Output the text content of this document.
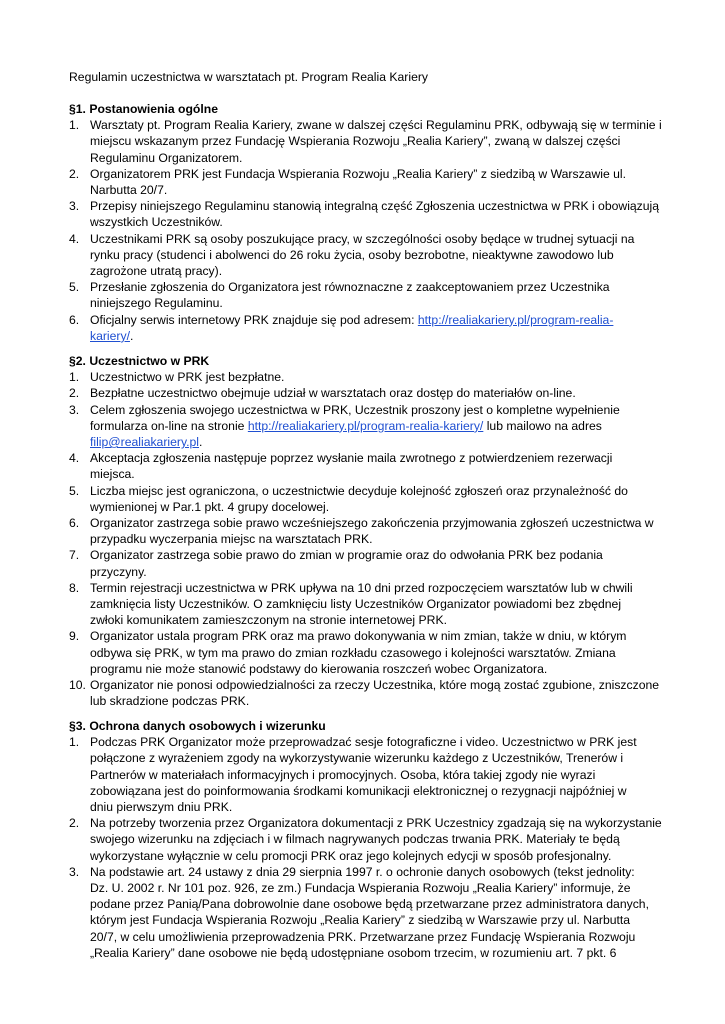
Regulamin uczestnictwa w warsztatach pt. Program Realia Kariery
§1. Postanowienia ogólne
1. Warsztaty pt. Program Realia Kariery, zwane w dalszej części Regulaminu PRK, odbywają się w terminie i
miejscu wskazanym przez Fundację Wspierania Rozwoju „Realia Kariery”, zwaną w dalszej części
Regulaminu Organizatorem.
2. Organizatorem PRK jest Fundacja Wspierania Rozwoju „Realia Kariery” z siedzibą w Warszawie ul.
Narbutta 20/7.
3. Przepisy niniejszego Regulaminu stanowią integralną część Zgłoszenia uczestnictwa w PRK i obowiązują
wszystkich Uczestników.
4. Uczestnikami PRK są osoby poszukujące pracy, w szczególności osoby będące w trudnej sytuacji na
rynku pracy (studenci i abolwenci do 26 roku życia, osoby bezrobotne, nieaktywne zawodowo lub
zagrożone utratą pracy).
5. Przesłanie zgłoszenia do Organizatora jest równoznaczne z zaakceptowaniem przez Uczestnika
niniejszego Regulaminu.
6. Oficjalny serwis internetowy PRK znajduje się pod adresem: http://realiakariery.pl/program-realia-
kariery/.
§2. Uczestnictwo w PRK
1. Uczestnictwo w PRK jest bezpłatne.
2. Bezpłatne uczestnictwo obejmuje udział w warsztatach oraz dostęp do materiałów on-line.
3. Celem zgłoszenia swojego uczestnictwa w PRK, Uczestnik proszony jest o kompletne wypełnienie
formularza on-line na stronie http://realiakariery.pl/program-realia-kariery/ lub mailowo na adres
filip@realiakariery.pl.
4. Akceptacja zgłoszenia następuje poprzez wysłanie maila zwrotnego z potwierdzeniem rezerwacji
miejsca.
5. Liczba miejsc jest ograniczona, o uczestnictwie decyduje kolejność zgłoszeń oraz przynależność do
wymienionej w Par.1 pkt. 4 grupy docelowej.
6. Organizator zastrzega sobie prawo wcześniejszego zakończenia przyjmowania zgłoszeń uczestnictwa w
przypadku wyczerpania miejsc na warsztatach PRK.
7. Organizator zastrzega sobie prawo do zmian w programie oraz do odwołania PRK bez podania
przyczyny.
8. Termin rejestracji uczestnictwa w PRK upływa na 10 dni przed rozpoczęciem warsztatów lub w chwili
zamknięcia listy Uczestników. O zamknięciu listy Uczestników Organizator powiadomi bez zbędnej
zwłoki komunikatem zamieszczonym na stronie internetowej PRK.
9. Organizator ustala program PRK oraz ma prawo dokonywania w nim zmian, także w dniu, w którym
odbywa się PRK, w tym ma prawo do zmian rozkładu czasowego i kolejności warsztatów. Zmiana
programu nie może stanowić podstawy do kierowania roszczeń wobec Organizatora.
10. Organizator nie ponosi odpowiedzialności za rzeczy Uczestnika, które mogą zostać zgubione, zniszczone
lub skradzione podczas PRK.
§3. Ochrona danych osobowych i wizerunku
1. Podczas PRK Organizator może przeprowadzać sesje fotograficzne i video. Uczestnictwo w PRK jest
połączone z wyrażeniem zgody na wykorzystywanie wizerunku każdego z Uczestników, Trenerów i
Partnerów w materiałach informacyjnych i promocyjnych. Osoba, która takiej zgody nie wyrazi
zobowiązana jest do poinformowania środkami komunikacji elektronicznej o rezygnacji najpóźniej w
dniu pierwszym dniu PRK.
2. Na potrzeby tworzenia przez Organizatora dokumentacji z PRK Uczestnicy zgadzają się na wykorzystanie
swojego wizerunku na zdjęciach i w filmach nagrywanych podczas trwania PRK. Materiały te będą
wykorzystane wyłącznie w celu promocji PRK oraz jego kolejnych edycji w sposób profesjonalny.
3. Na podstawie art. 24 ustawy z dnia 29 sierpnia 1997 r. o ochronie danych osobowych (tekst jednolity:
Dz. U. 2002 r. Nr 101 poz. 926, ze zm.) Fundacja Wspierania Rozwoju „Realia Kariery” informuje, że
podane przez Panią/Pana dobrowolnie dane osobowe będą przetwarzane przez administratora danych,
którym jest Fundacja Wspierania Rozwoju „Realia Kariery” z siedzibą w Warszawie przy ul. Narbutta
20/7, w celu umożliwienia przeprowadzenia PRK. Przetwarzane przez Fundację Wspierania Rozwoju
„Realia Kariery” dane osobowe nie będą udostępniane osobom trzecim, w rozumieniu art. 7 pkt. 6
